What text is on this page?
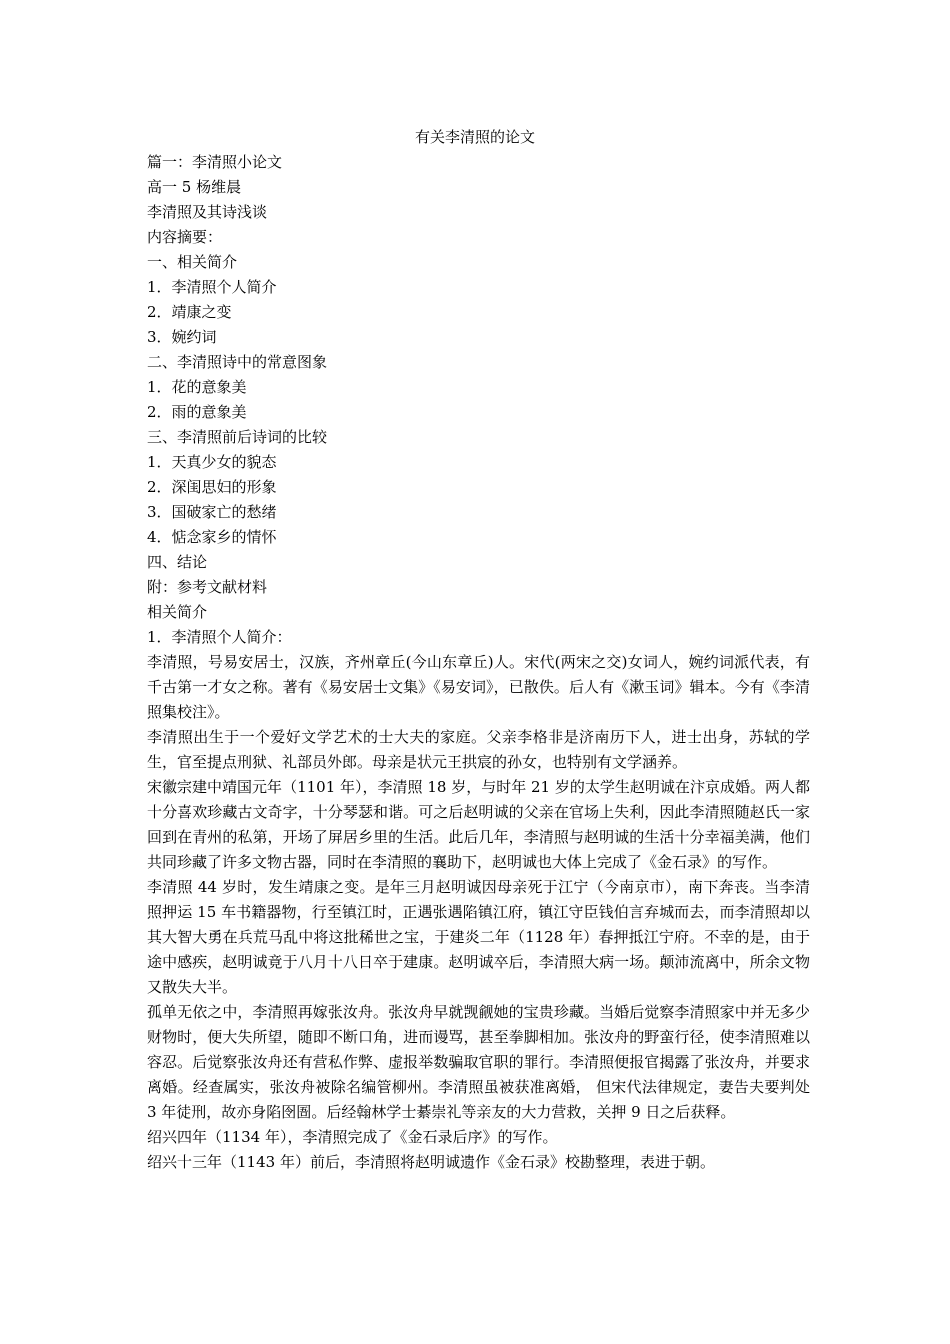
有关李清照的论文
篇一：李清照小论文
高一 5 杨维晨
李清照及其诗浅谈
内容摘要：
一、相关简介
1．李清照个人简介
2．靖康之变
3．婉约词
二、李清照诗中的常意图象
1．花的意象美
2．雨的意象美
三、李清照前后诗词的比较
1．天真少女的貌态
2．深闺思妇的形象
3．国破家亡的愁绪
4．惦念家乡的情怀
四、结论
附：参考文献材料
相关简介
1．李清照个人简介：
李清照，号易安居士，汉族，齐州章丘(今山东章丘)人。宋代(两宋之交)女词人，婉约词派代表，有千古第一才女之称。著有《易安居士文集》《易安词》，已散佚。后人有《漱玉词》辑本。今有《李清照集校注》。
李清照出生于一个爱好文学艺术的士大夫的家庭。父亲李格非是济南历下人，进士出身，苏轼的学生，官至提点刑狱、礼部员外郎。母亲是状元王拱宸的孙女，也特别有文学涵养。
宋徽宗建中靖国元年（1101 年），李清照 18 岁，与时年 21 岁的太学生赵明诚在汴京成婚。两人都十分喜欢珍藏古文奇字，十分琴瑟和谐。可之后赵明诚的父亲在官场上失利，因此李清照随赵氏一家回到在青州的私第，开场了屏居乡里的生活。此后几年，李清照与赵明诚的生活十分幸福美满，他们共同珍藏了许多文物古器，同时在李清照的襄助下，赵明诚也大体上完成了《金石录》的写作。
李清照 44 岁时，发生靖康之变。是年三月赵明诚因母亲死于江宁（今南京市），南下奔丧。当李清照押运 15 车书籍器物，行至镇江时，正遇张遇陷镇江府，镇江守臣钱伯言弃城而去，而李清照却以其大智大勇在兵荒马乱中将这批稀世之宝，于建炎二年（1128 年）春押抵江宁府。不幸的是，由于途中感疾，赵明诚竟于八月十八日卒于建康。赵明诚卒后，李清照大病一场。颠沛流离中，所余文物又散失大半。
孤单无依之中，李清照再嫁张汝舟。张汝舟早就觊觎她的宝贵珍藏。当婚后觉察李清照家中并无多少财物时，便大失所望，随即不断口角，进而谩骂，甚至拳脚相加。张汝舟的野蛮行径，使李清照难以容忍。后觉察张汝舟还有营私作弊、虚报举数骗取官职的罪行。李清照便报官揭露了张汝舟，并要求离婚。经查属实，张汝舟被除名编管柳州。李清照虽被获准离婚， 但宋代法律规定，妻告夫要判处 3 年徒刑，故亦身陷囹圄。后经翰林学士綦崇礼等亲友的大力营救，关押 9 日之后获释。
绍兴四年（1134 年），李清照完成了《金石录后序》的写作。
绍兴十三年（1143 年）前后，李清照将赵明诚遗作《金石录》校勘整理，表进于朝。
